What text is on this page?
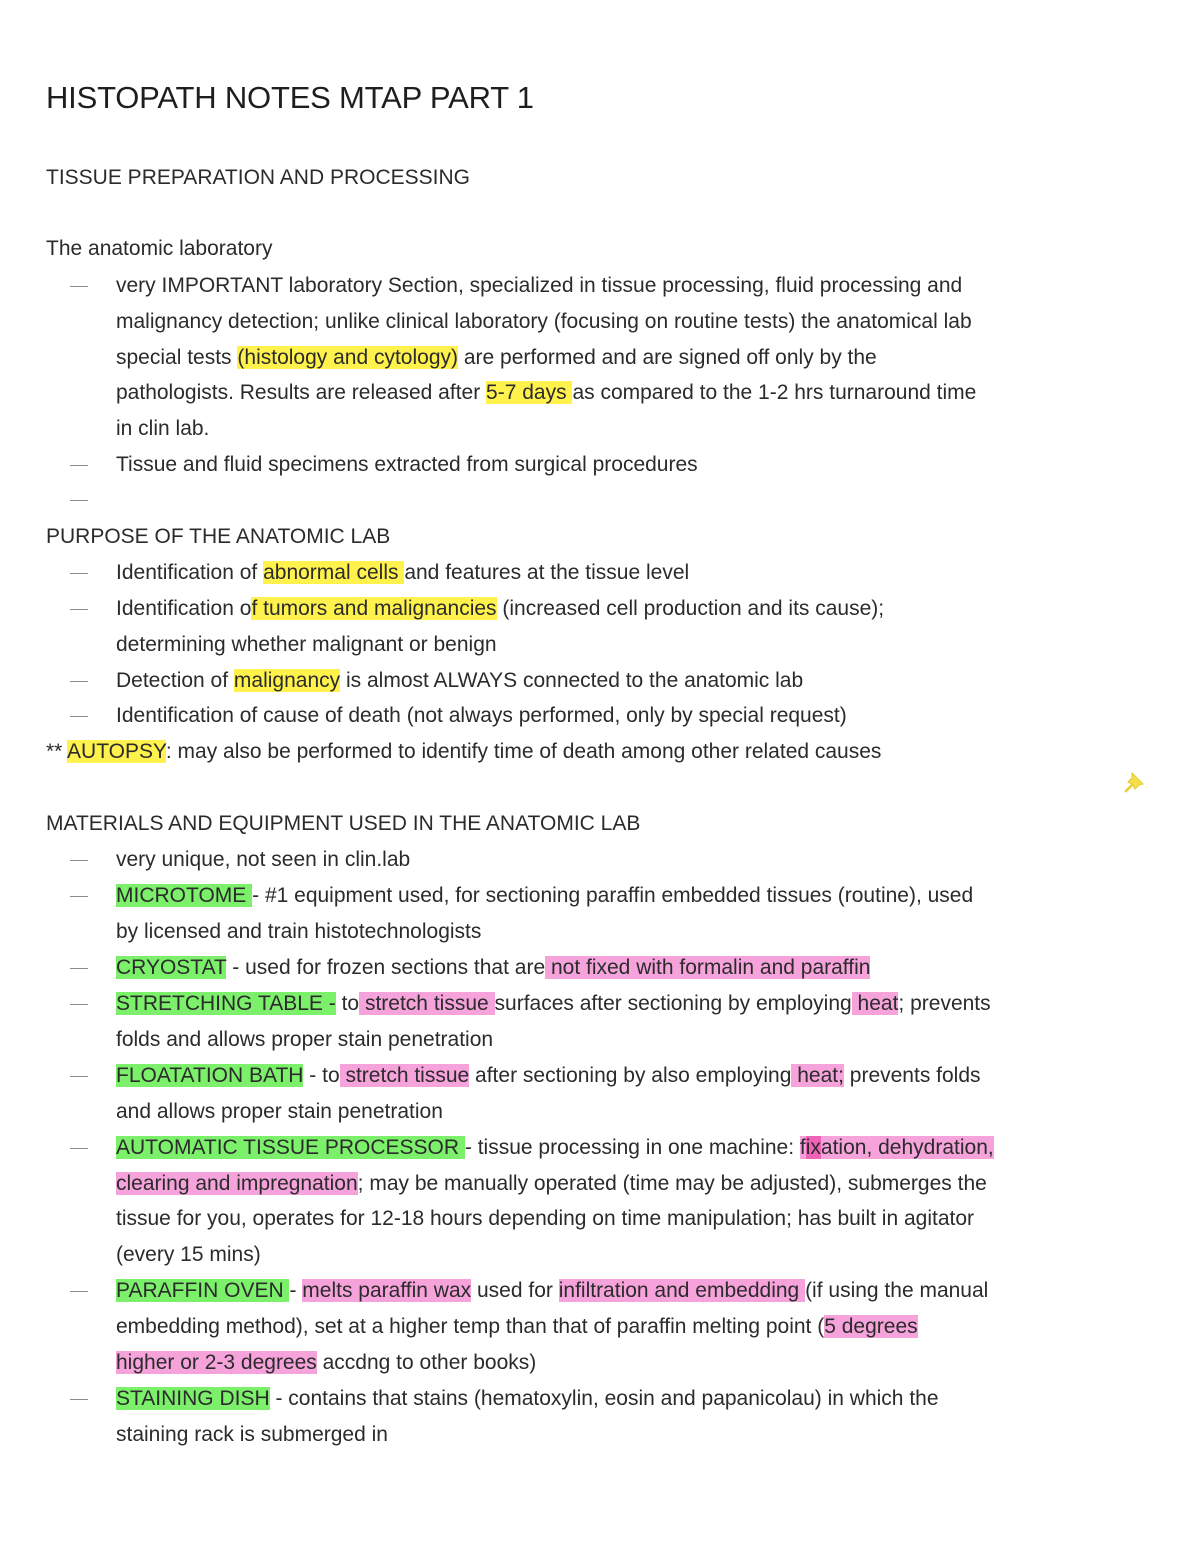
HISTOPATH NOTES MTAP PART 1

TISSUE PREPARATION AND PROCESSING

The anatomic laboratory

very IMPORTANT laboratory Section, specialized in tissue processing, fluid processing and

malignancy detection; unlike clinical laboratory (focusing on routine tests) the anatomical lab

special tests (histology and cytology) are performed and are signed off only by the

pathologists. Results are released after 5-7 days as compared to the 1-2 hrs turnaround time

in clin lab.

Tissue and fluid specimens extracted from surgical procedures

PURPOSE OF THE ANATOMIC LAB

Identification of abnormal cells and features at the tissue level

Identification of tumors and malignancies (increased cell production and its cause);

determining whether malignant or benign

Detection of malignancy is almost ALWAYS connected to the anatomic lab

Identification of cause of death (not always performed, only by special request)

** AUTOPSY: may also be performed to identify time of death among other related causes

MATERIALS AND EQUIPMENT USED IN THE ANATOMIC LAB

very unique, not seen in clin.lab

MICROTOME - #1 equipment used, for sectioning paraffin embedded tissues (routine), used

by licensed and train histotechnologists

CRYOSTAT - used for frozen sections that are not fixed with formalin and paraffin

STRETCHING TABLE - to stretch tissue surfaces after sectioning by employing heat; prevents

folds and allows proper stain penetration

FLOATATION BATH - to stretch tissue after sectioning by also employing heat; prevents folds

and allows proper stain penetration

AUTOMATIC TISSUE PROCESSOR - tissue processing in one machine: fixation, dehydration,

clearing and impregnation; may be manually operated (time may be adjusted), submerges the

tissue for you, operates for 12-18 hours depending on time manipulation; has built in agitator

(every 15 mins)

PARAFFIN OVEN - melts paraffin wax used for infiltration and embedding (if using the manual

embedding method), set at a higher temp than that of paraffin melting point (5 degrees

higher or 2-3 degrees accdng to other books)

STAINING DISH - contains that stains (hematoxylin, eosin and papanicolau) in which the

staining rack is submerged in
